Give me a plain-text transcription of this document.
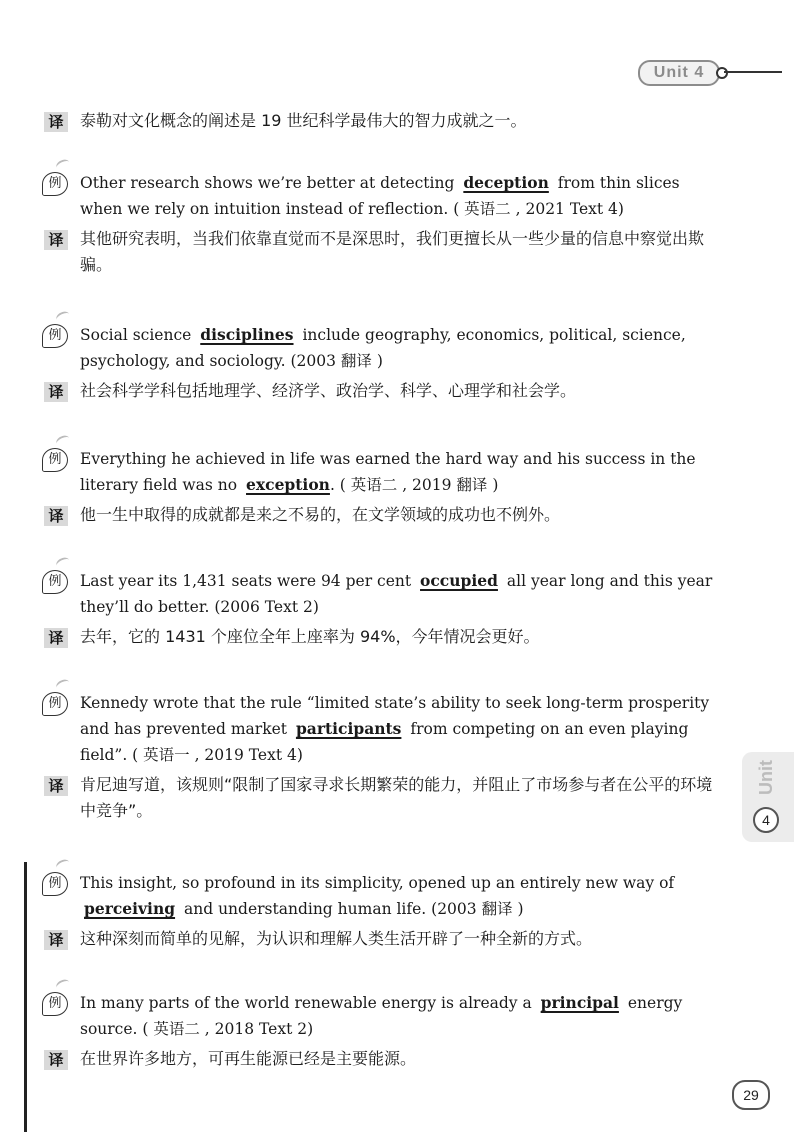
Unit 4
译 泰勒对文化概念的阐述是 19 世纪科学最伟大的智力成就之一。
例	Other research shows we’re better at detecting deception from thin slices when we rely on intuition instead of reflection. ( 英语二 , 2021 Text 4)
译 其他研究表明，当我们依靠直觉而不是深思时，我们更擅长从一些少量的信息中察觉出欺骗。
例	Social science disciplines include geography, economics, political, science, psychology, and sociology. (2003 翻译 )
译 社会科学学科包括地理学、经济学、政治学、科学、心理学和社会学。
例	Everything he achieved in life was earned the hard way and his success in the literary field was no exception. ( 英语二 , 2019 翻译 )
译 他一生中取得的成就都是来之不易的，在文学领域的成功也不例外。
例	Last year its 1,431 seats were 94 per cent occupied all year long and this year they’ll do better. (2006 Text 2)
译 去年，它的 1431 个座位全年上座率为 94%，今年情况会更好。
例	Kennedy wrote that the rule “limited state’s ability to seek long-term prosperity and has prevented market participants from competing on an even playing field”. ( 英语一 , 2019 Text 4)
译 肯尼迪写道，该规则“限制了国家寻求长期繁荣的能力，并阻止了市场参与者在公平的环境中竞争”。
例	This insight, so profound in its simplicity, opened up an entirely new way of perceiving and understanding human life. (2003 翻译 )
译 这种深刻而简单的见解，为认识和理解人类生活开辟了一种全新的方式。
例	In many parts of the world renewable energy is already a principal energy source. ( 英语二 , 2018 Text 2)
译 在世界许多地方，可再生能源已经是主要能源。
Unit
4
29
